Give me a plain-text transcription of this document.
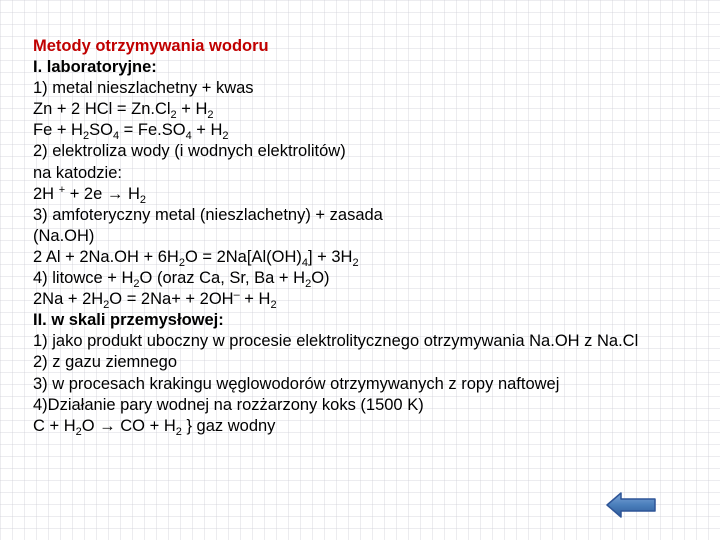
Metody otrzymywania wodoru
I. laboratoryjne:
1) metal nieszlachetny + kwas
Zn + 2 HCl = $Zn.Cl_2 + H_2$
$Fe + H_2SO_4 = Fe.SO_4 + H_2$
2) elektroliza wody (i wodnych elektrolitów)
na katodzie:
2H $^+ + 2e \to H_2$
3) amfoteryczny metal (nieszlachetny) + zasada
(Na.OH)
2 $Al + 2Na.OH + 6H_2O = 2Na[Al(OH)_4] + 3H_2$
4) litowce + $H_2O$ (oraz Ca, Sr, $Ba + H_2O$)
$2Na + 2H_2O = 2Na+ + 2OH^- + H_2$
II. w skali przemysłowej:
1) jako produkt uboczny w procesie elektrolitycznego otrzymywania Na.OH z Na.Cl
2) z gazu ziemnego
3) w procesach krakingu węglowodorów otrzymywanych z ropy naftowej
4)Działanie pary wodnej na rozżarzony koks (1500 K)
$C + H_2O$ → CO + $H_2$ } gaz wodny
